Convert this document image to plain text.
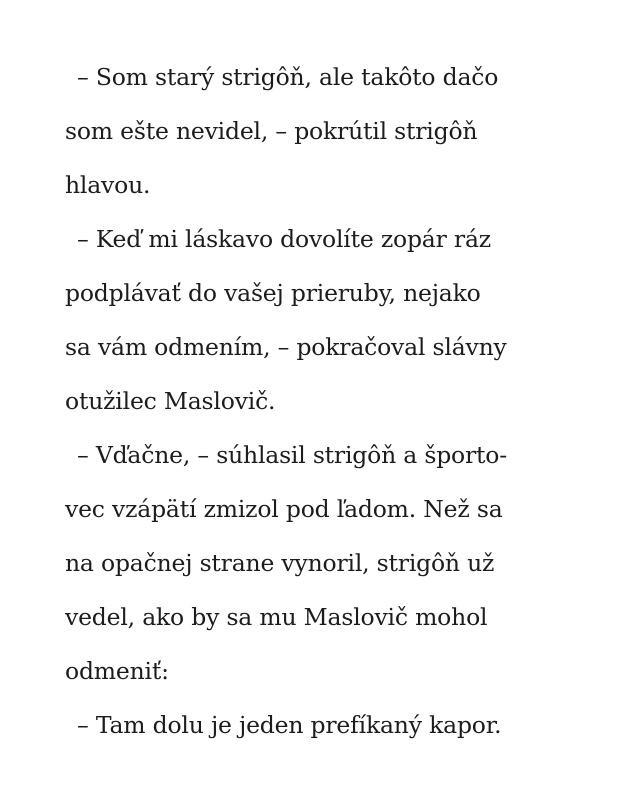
– Som starý strigôň, ale takôto dačo
som ešte nevidel, – pokrútil strigôň
hlavou.
– Keď mi láskavo dovolíte zopár ráz
podplávať do vašej prieruby, nejako
sa vám odmením, – pokračoval slávny
otužilec Maslovič.
– Vďačne, – súhlasil strigôň a športo-
vec vzápätí zmizol pod ľadom. Než sa
na opačnej strane vynoril, strigôň už
vedel, ako by sa mu Maslovič mohol
odmeniť:
– Tam dolu je jeden prefíkaný kapor.
